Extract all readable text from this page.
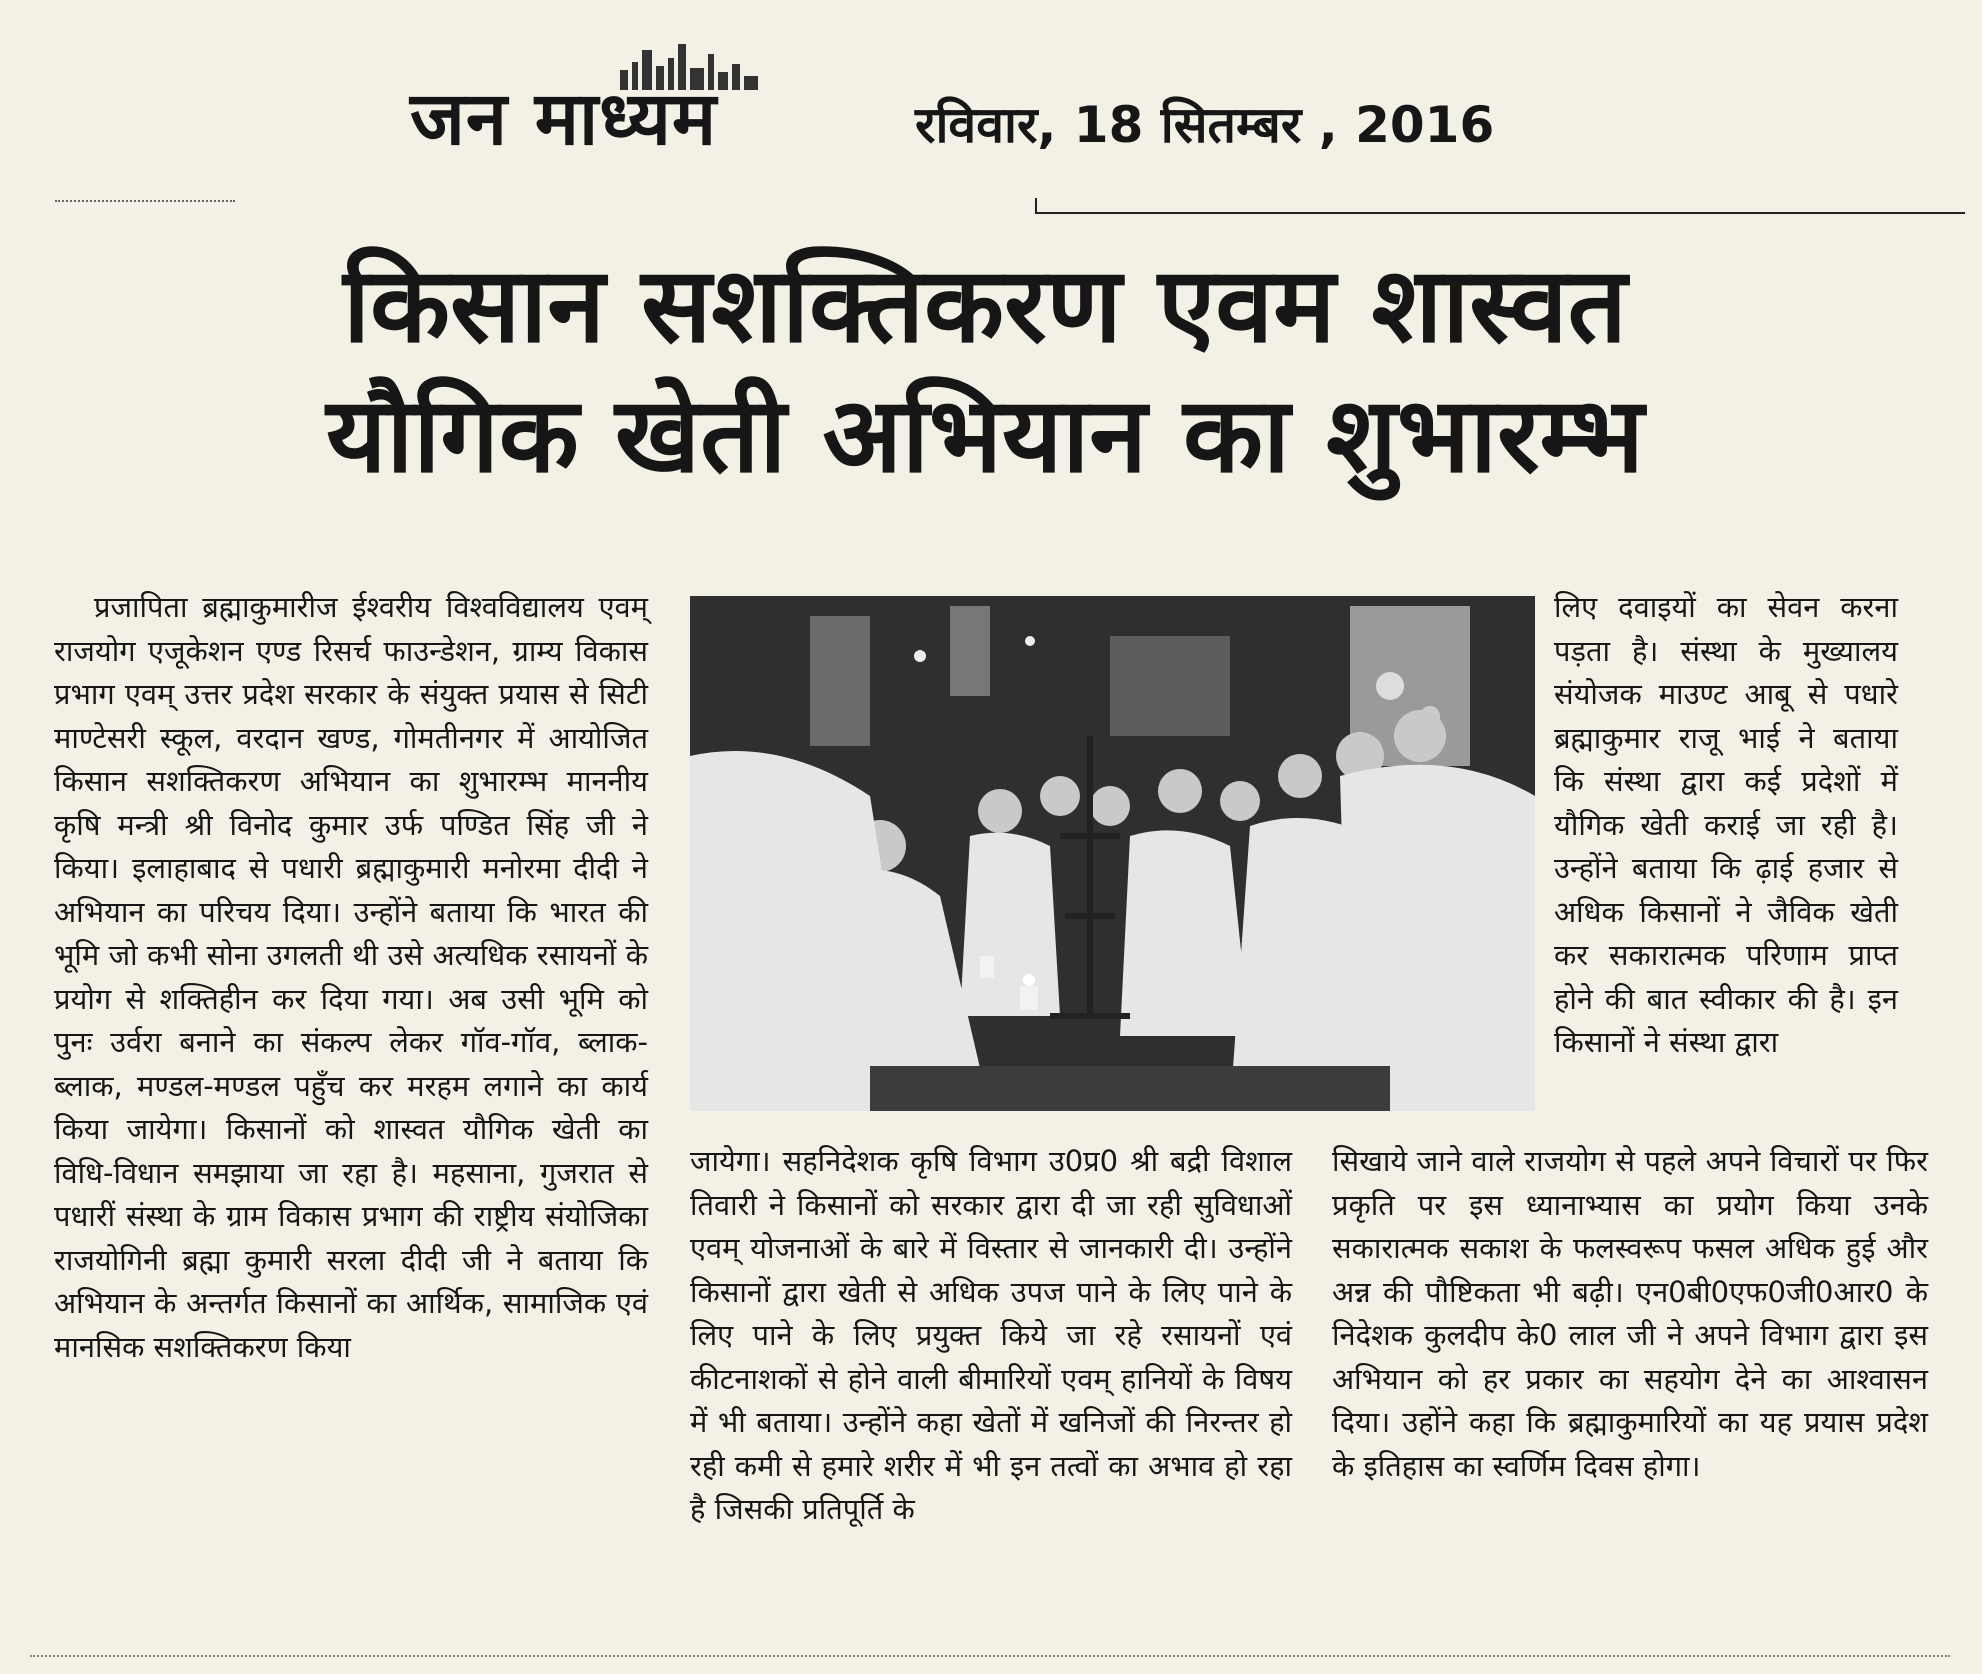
जन माध्यम	रविवार, 18 सितम्बर , 2016
किसान सशक्तिकरण एवम शास्वत
यौगिक खेती अभियान का शुभारम्भ

प्रजापिता ब्रह्माकुमारीज ईश्वरीय विश्वविद्यालय एवम् राजयोग एजूकेशन एण्ड रिसर्च फाउन्डेशन, ग्राम्य विकास प्रभाग एवम् उत्तर प्रदेश सरकार के संयुक्त प्रयास से सिटी माण्टेसरी स्कूल, वरदान खण्ड, गोमतीनगर में आयोजित किसान सशक्तिकरण अभियान का शुभारम्भ माननीय कृषि मन्त्री श्री विनोद कुमार उर्फ पण्डित सिंह जी ने किया। इलाहाबाद से पधारी ब्रह्माकुमारी मनोरमा दीदी ने अभियान का परिचय दिया। उन्होंने बताया कि भारत की भूमि जो कभी सोना उगलती थी उसे अत्यधिक रसायनों के प्रयोग से शक्तिहीन कर दिया गया। अब उसी भूमि को पुनः उर्वरा बनाने का संकल्प लेकर गॉव-गॉव, ब्लाक-ब्लाक, मण्डल-मण्डल पहुँच कर मरहम लगाने का कार्य किया जायेगा। किसानों को शास्वत यौगिक खेती का विधि-विधान समझाया जा रहा है। महसाना, गुजरात से पधारीं संस्था के ग्राम विकास प्रभाग की राष्ट्रीय संयोजिका राजयोगिनी ब्रह्मा कुमारी सरला दीदी जी ने बताया कि अभियान के अन्तर्गत किसानों का आर्थिक, सामाजिक एवं मानसिक सशक्तिकरण किया

जायेगा। सहनिदेशक कृषि विभाग उ0प्र0 श्री बद्री विशाल तिवारी ने किसानों को सरकार द्वारा दी जा रही सुविधाओं एवम् योजनाओं के बारे में विस्तार से जानकारी दी। उन्होंने किसानों द्वारा खेती से अधिक उपज पाने के लिए पाने के लिए पाने के लिए प्रयुक्त किये जा रहे रसायनों एवं कीटनाशकों से होने वाली बीमारियों एवम् हानियों के विषय में भी बताया। उन्होंने कहा खेतों में खनिजों की निरन्तर हो रही कमी से हमारे शरीर में भी इन तत्वों का अभाव हो रहा है जिसकी प्रतिपूर्ति के

लिए दवाइयों का सेवन करना पड़ता है। संस्था के मुख्यालय संयोजक माउण्ट आबू से पधारे ब्रह्माकुमार राजू भाई ने बताया कि संस्था द्वारा कई प्रदेशों में यौगिक खेती कराई जा रही है। उन्होंने बताया कि ढ़ाई हजार से अधिक किसानों ने जैविक खेती कर सकारात्मक परिणाम प्राप्त होने की बात स्वीकार की है। इन किसानों ने संस्था द्वारा

सिखाये जाने वाले राजयोग से पहले अपने विचारों पर फिर प्रकृति पर इस ध्यानाभ्यास का प्रयोग किया उनके सकारात्मक सकाश के फलस्वरूप फसल अधिक हुई और अन्न की पौष्टिकता भी बढ़ी। एन0बी0एफ0जी0आर0 के निदेशक कुलदीप के0 लाल जी ने अपने विभाग द्वारा इस अभियान को हर प्रकार का सहयोग देने का आश्वासन दिया। उहोंने कहा कि ब्रह्माकुमारियों का यह प्रयास प्रदेश के इतिहास का स्वर्णिम दिवस होगा।
